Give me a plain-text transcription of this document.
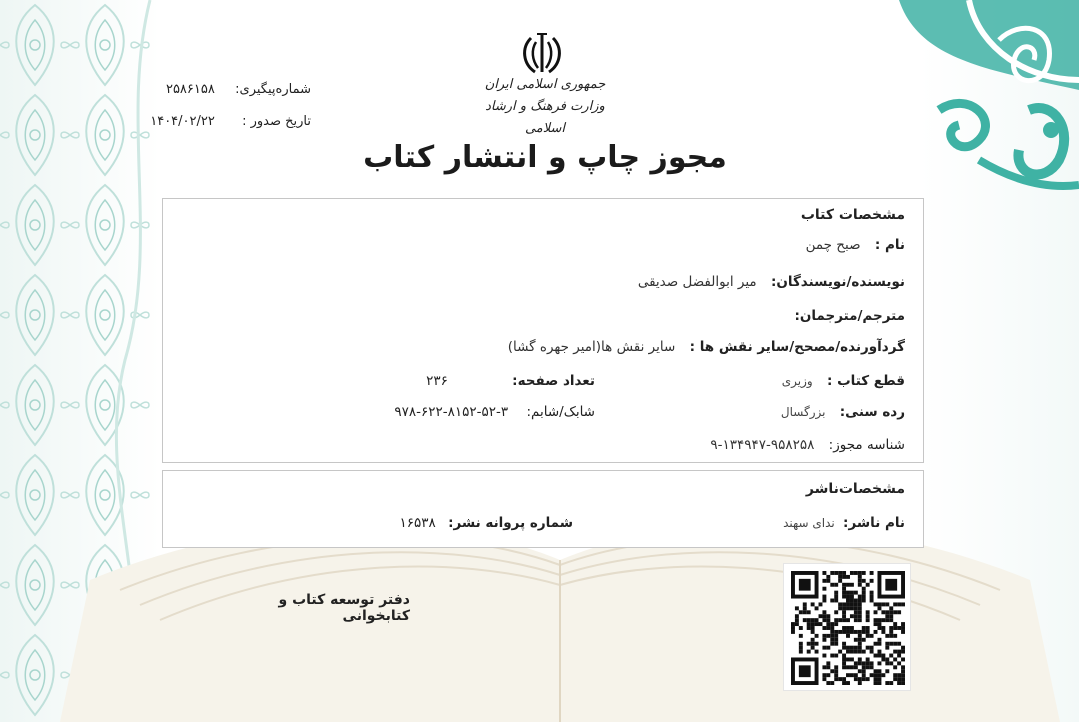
جمهوری اسلامی ایران
وزارت فرهنگ و ارشاد اسلامی
شماره‌پیگیری: ۲۵۸۶۱۵۸
تاریخ صدور : ۱۴۰۴/۰۲/۲۲
مجوز چاپ و انتشار کتاب
مشخصات کتاب
نام : صبح چمن
نویسنده/نویسندگان: میر ابوالفضل صدیقی
مترجم/مترجمان:
گردآورنده/مصحح/سایر نقش ها : سایر نقش ها(امیر جهره گشا)
قطع کتاب : وزیری
تعداد صفحه: ۲۳۶
رده سنی: بزرگسال
شابک/شابم: ۹۷۸-۶۲۲-۸۱۵۲-۵۲-۳
شناسه مجوز: ۹-۱۳۴۹۴۷-۹۵۸۲۵۸
مشخصات‌ناشر
نام ناشر: ندای سهند
شماره پروانه نشر: ۱۶۵۳۸
دفتر توسعه کتاب و کتابخوانی
